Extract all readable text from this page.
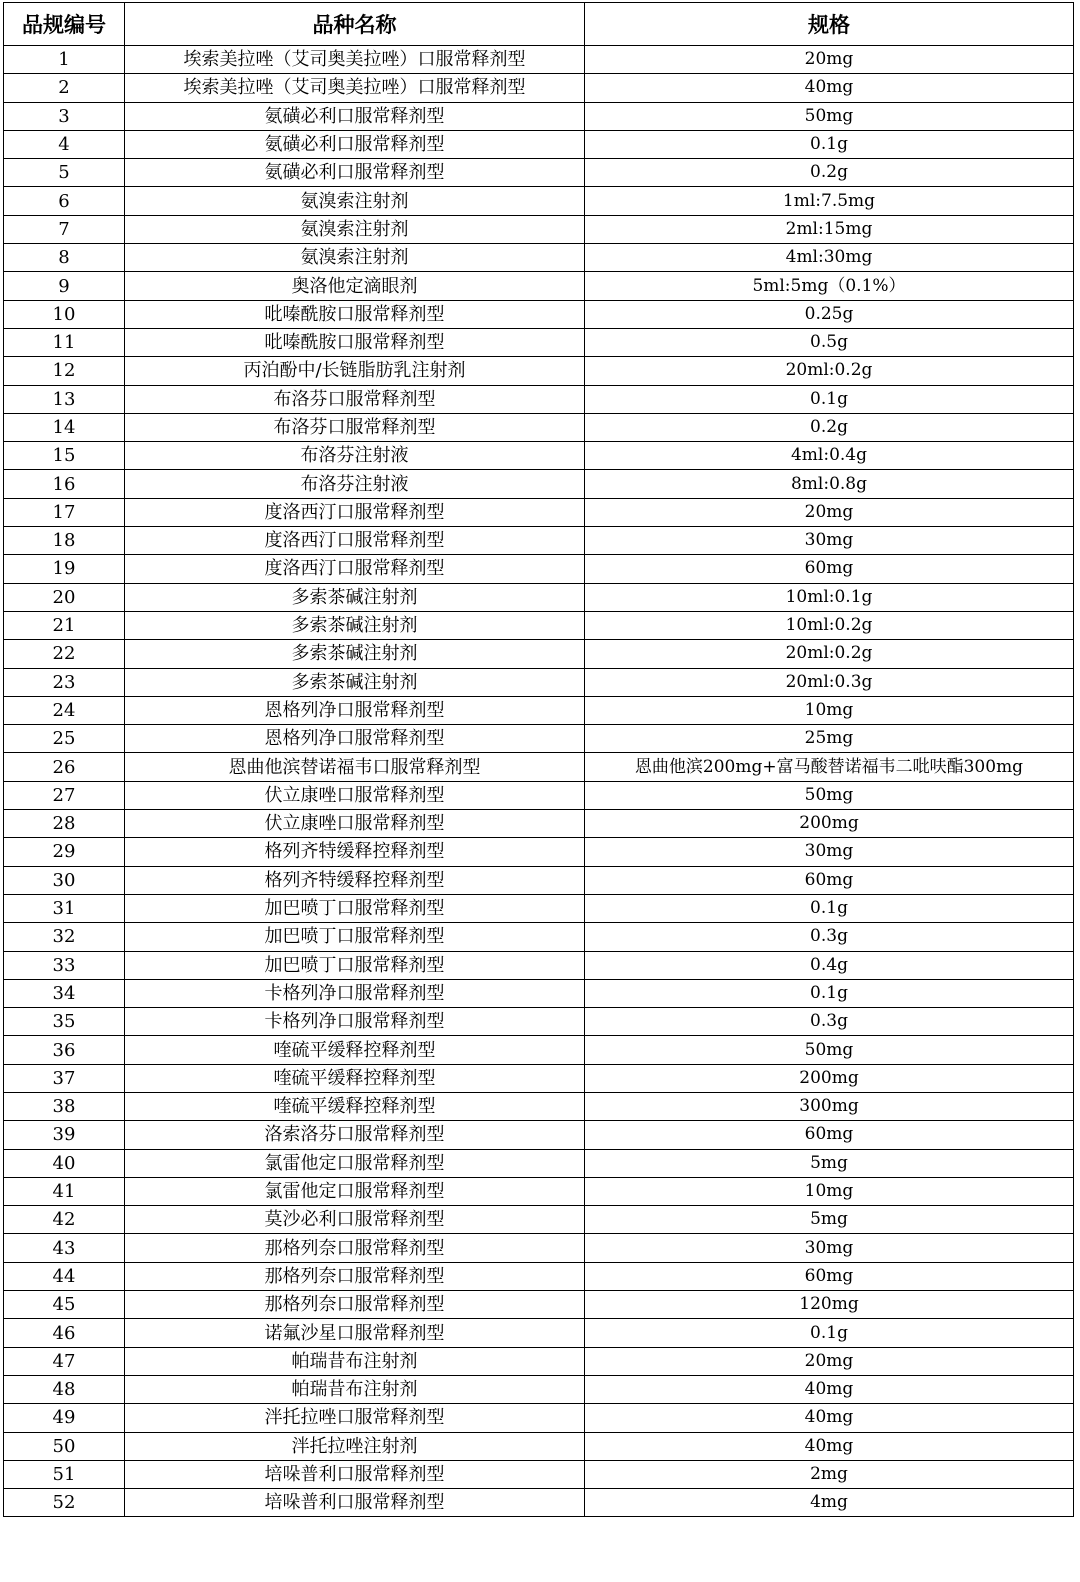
品规编号	品种名称	规格
1	埃索美拉唑（艾司奥美拉唑）口服常释剂型	20mg
2	埃索美拉唑（艾司奥美拉唑）口服常释剂型	40mg
3	氨磺必利口服常释剂型	50mg
4	氨磺必利口服常释剂型	0.1g
5	氨磺必利口服常释剂型	0.2g
6	氨溴索注射剂	1ml:7.5mg
7	氨溴索注射剂	2ml:15mg
8	氨溴索注射剂	4ml:30mg
9	奥洛他定滴眼剂	5ml:5mg（0.1%）
10	吡嗪酰胺口服常释剂型	0.25g
11	吡嗪酰胺口服常释剂型	0.5g
12	丙泊酚中/长链脂肪乳注射剂	20ml:0.2g
13	布洛芬口服常释剂型	0.1g
14	布洛芬口服常释剂型	0.2g
15	布洛芬注射液	4ml:0.4g
16	布洛芬注射液	8ml:0.8g
17	度洛西汀口服常释剂型	20mg
18	度洛西汀口服常释剂型	30mg
19	度洛西汀口服常释剂型	60mg
20	多索茶碱注射剂	10ml:0.1g
21	多索茶碱注射剂	10ml:0.2g
22	多索茶碱注射剂	20ml:0.2g
23	多索茶碱注射剂	20ml:0.3g
24	恩格列净口服常释剂型	10mg
25	恩格列净口服常释剂型	25mg
26	恩曲他滨替诺福韦口服常释剂型	恩曲他滨200mg+富马酸替诺福韦二吡呋酯300mg
27	伏立康唑口服常释剂型	50mg
28	伏立康唑口服常释剂型	200mg
29	格列齐特缓释控释剂型	30mg
30	格列齐特缓释控释剂型	60mg
31	加巴喷丁口服常释剂型	0.1g
32	加巴喷丁口服常释剂型	0.3g
33	加巴喷丁口服常释剂型	0.4g
34	卡格列净口服常释剂型	0.1g
35	卡格列净口服常释剂型	0.3g
36	喹硫平缓释控释剂型	50mg
37	喹硫平缓释控释剂型	200mg
38	喹硫平缓释控释剂型	300mg
39	洛索洛芬口服常释剂型	60mg
40	氯雷他定口服常释剂型	5mg
41	氯雷他定口服常释剂型	10mg
42	莫沙必利口服常释剂型	5mg
43	那格列奈口服常释剂型	30mg
44	那格列奈口服常释剂型	60mg
45	那格列奈口服常释剂型	120mg
46	诺氟沙星口服常释剂型	0.1g
47	帕瑞昔布注射剂	20mg
48	帕瑞昔布注射剂	40mg
49	泮托拉唑口服常释剂型	40mg
50	泮托拉唑注射剂	40mg
51	培哚普利口服常释剂型	2mg
52	培哚普利口服常释剂型	4mg
